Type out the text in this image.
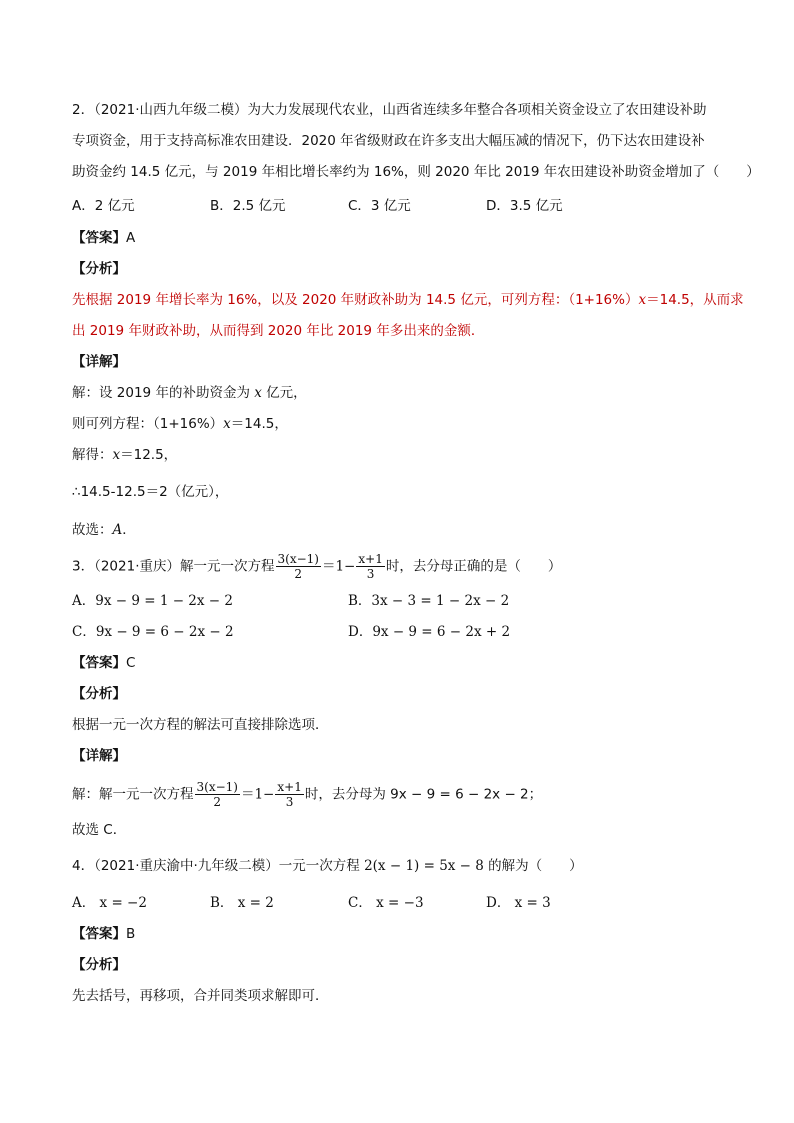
2．（2021·山西九年级二模）为大力发展现代农业，山西省连续多年整合各项相关资金设立了农田建设补助
专项资金，用于支持高标准农田建设．2020 年省级财政在许多支出大幅压减的情况下，仍下达农田建设补
助资金约 14.5 亿元，与 2019 年相比增长率约为 16%，则 2020 年比 2019 年农田建设补助资金增加了（　　）
A．2 亿元	B．2.5 亿元	C．3 亿元	D．3.5 亿元
【答案】A
【分析】
先根据 2019 年增长率为 16%，以及 2020 年财政补助为 14.5 亿元，可列方程：（1+16%）x＝14.5，从而求
出 2019 年财政补助，从而得到 2020 年比 2019 年多出来的金额．
【详解】
解：设 2019 年的补助资金为 x 亿元，
则可列方程：（1+16%）x＝14.5，
解得：x＝12.5，
∴14.5-12.5＝2（亿元），
故选：A．
3．（2021·重庆）解一元一次方程 $\frac{3(x-1)}{2} =1- \frac{x+1}{3}$ 时，去分母正确的是（　　）
A．9x − 9 = 1 − 2x − 2	B．3x − 3 = 1 − 2x − 2
C．9x − 9 = 6 − 2x − 2	D．9x − 9 = 6 − 2x + 2
【答案】C
【分析】
根据一元一次方程的解法可直接排除选项．
【详解】
解：解一元一次方程 $\frac{3(x-1)}{2} =1- \frac{x+1}{3}$ 时，去分母为 9x − 9 = 6 − 2x − 2；
故选 C．
4．（2021·重庆渝中·九年级二模）一元一次方程 2(x − 1) = 5x − 8 的解为（　　）
A． x = −2	B． x = 2	C． x = −3	D． x = 3
【答案】B
【分析】
先去括号，再移项，合并同类项求解即可．
